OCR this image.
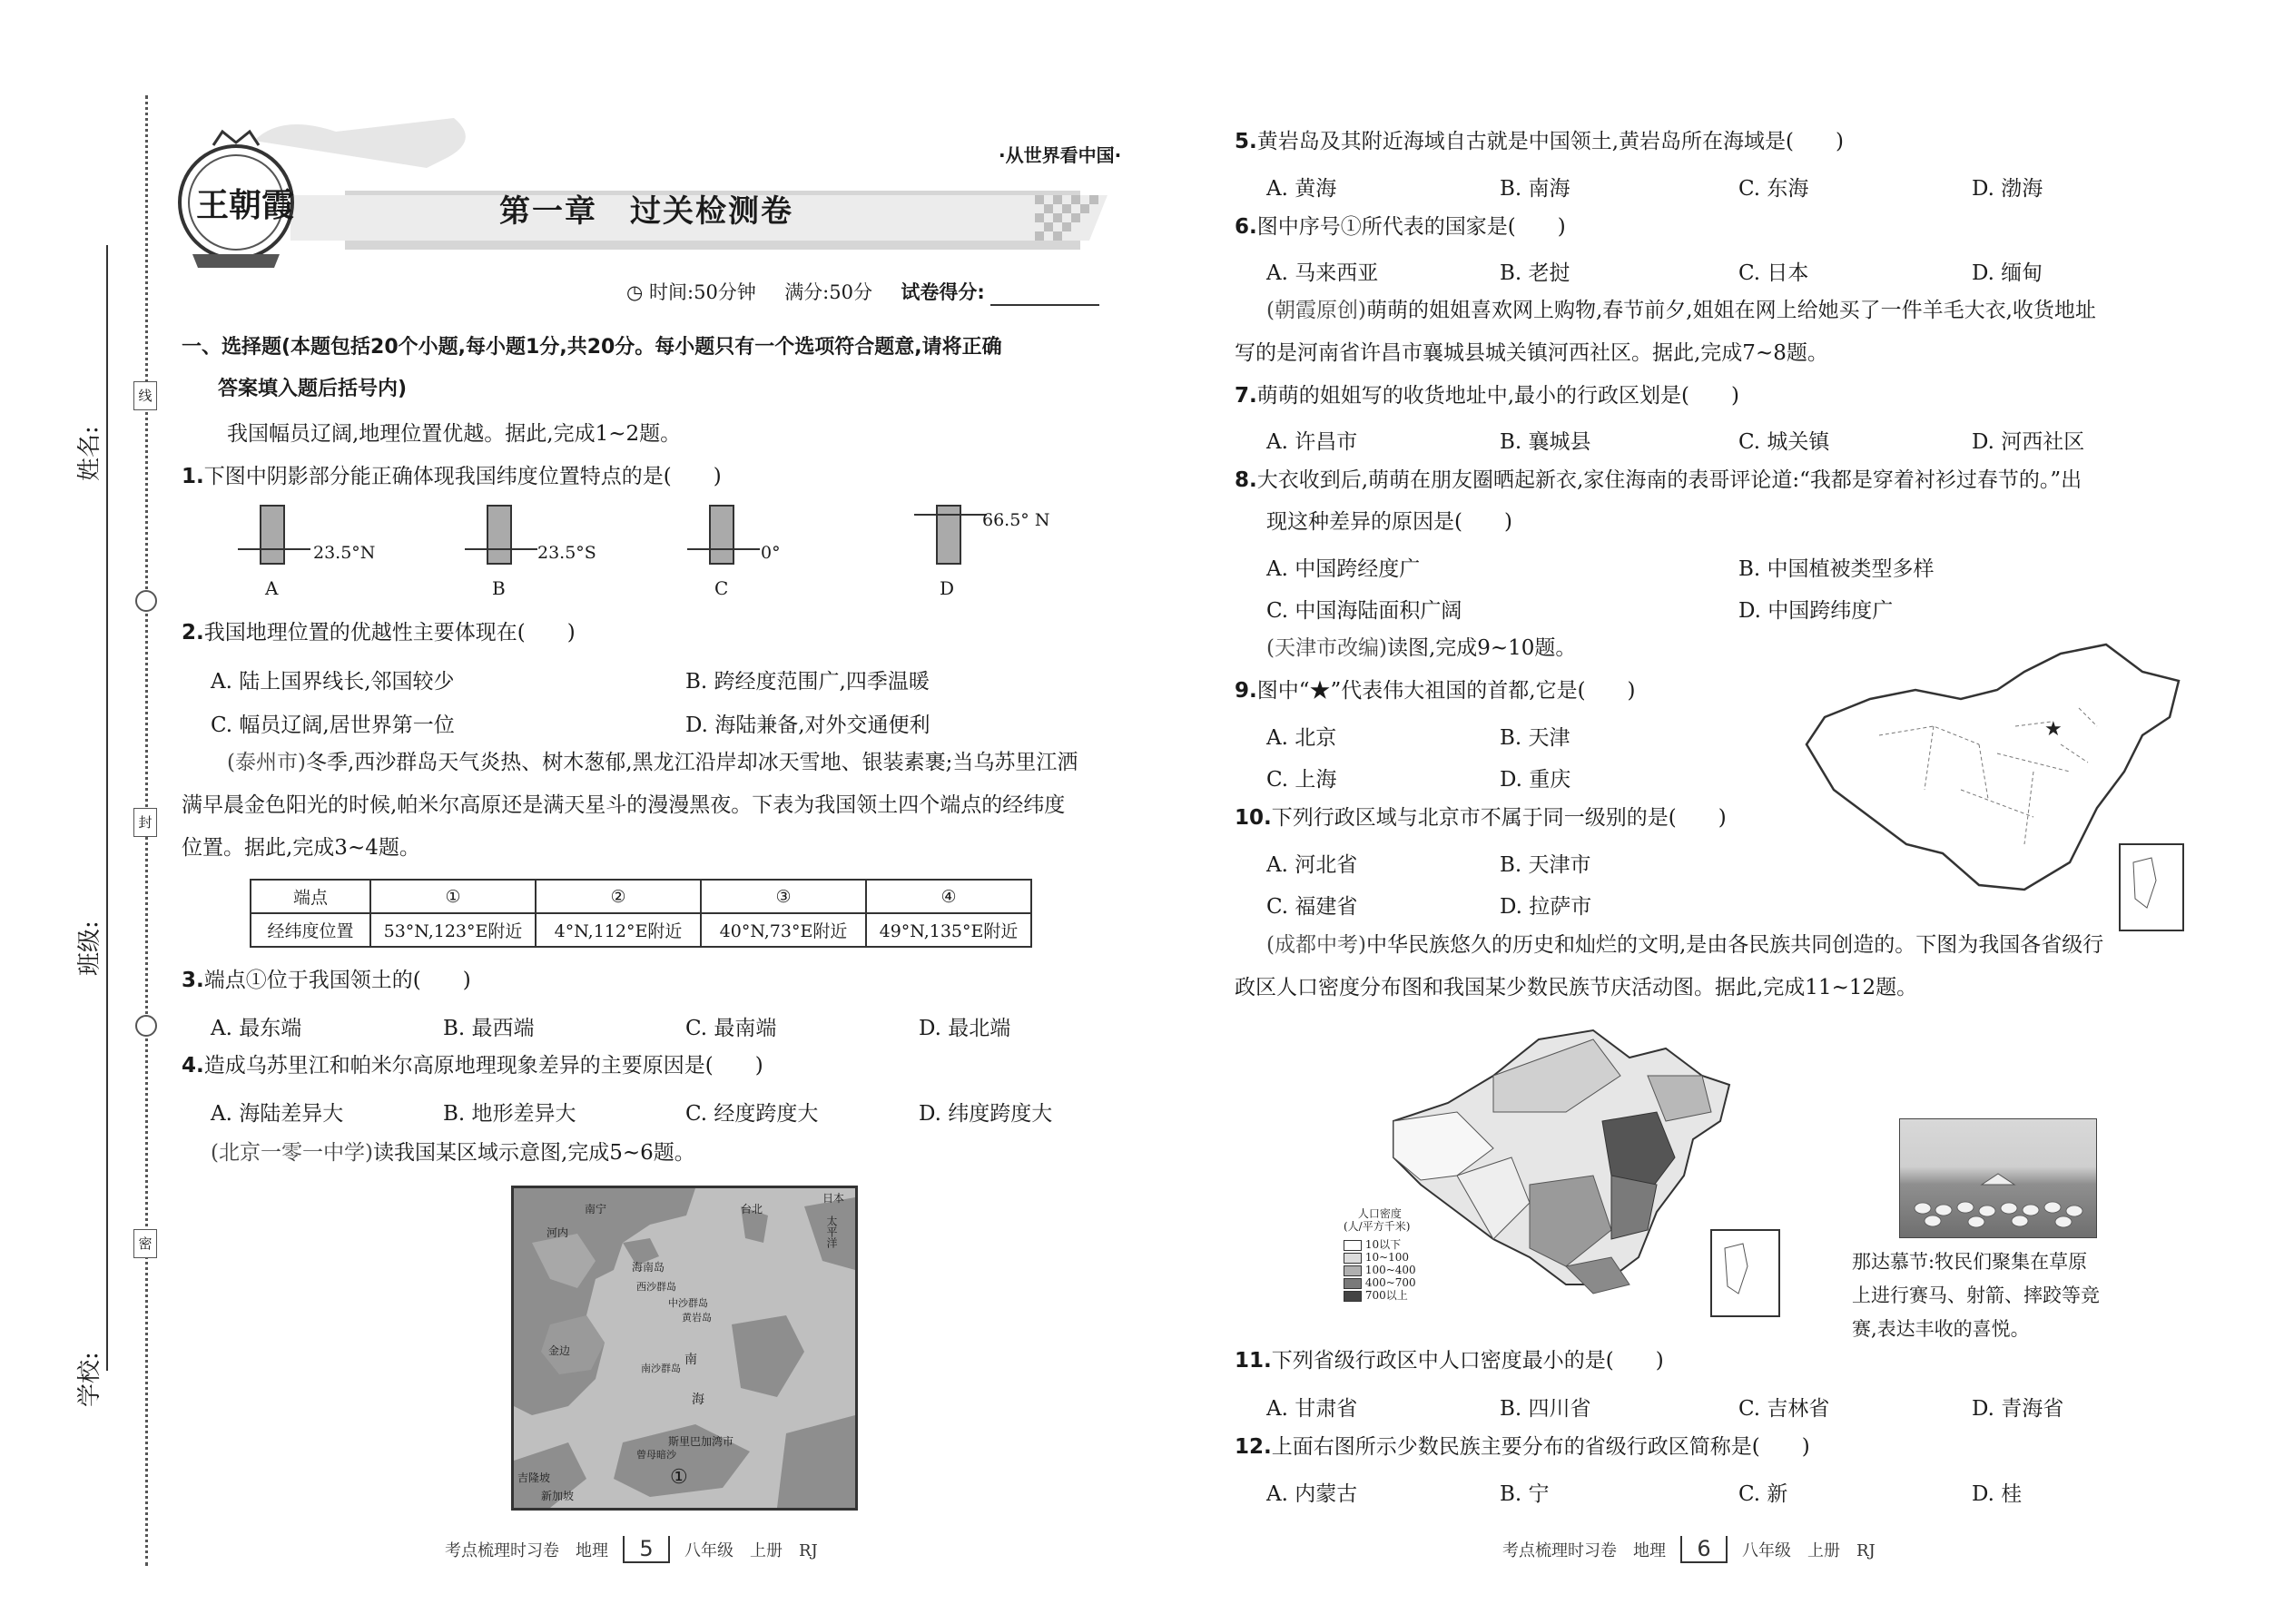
线
封
密
姓名:
班级:
学校:
王朝霞
·从世界看中国·
第一章　过关检测卷
◷ 时间:50分钟 满分:50分 试卷得分:
一、选择题(本题包括20个小题,每小题1分,共20分。每小题只有一个选项符合题意,请将正确
答案填入题后括号内)
我国幅员辽阔,地理位置优越。据此,完成1~2题。
1.下图中阴影部分能正确体现我国纬度位置特点的是(　　)
23.5°N
A
23.5°S
B
0°
C
66.5° N
D
2.我国地理位置的优越性主要体现在(　　)
A. 陆上国界线长,邻国较少	B. 跨经度范围广,四季温暖
C. 幅员辽阔,居世界第一位	D. 海陆兼备,对外交通便利
(泰州市)冬季,西沙群岛天气炎热、树木葱郁,黑龙江沿岸却冰天雪地、银装素裹;当乌苏里江洒
满早晨金色阳光的时候,帕米尔高原还是满天星斗的漫漫黑夜。下表为我国领土四个端点的经纬度
位置。据此,完成3~4题。
端点	①	②	③	④
经纬度位置	53°N,123°E附近	4°N,112°E附近	40°N,73°E附近	49°N,135°E附近
3.端点①位于我国领土的(　　)
A. 最东端	B. 最西端	C. 最南端	D. 最北端
4.造成乌苏里江和帕米尔高原地理现象差异的主要原因是(　　)
A. 海陆差异大	B. 地形差异大	C. 经度跨度大	D. 纬度跨度大
(北京一零一中学)读我国某区域示意图,完成5~6题。
南宁	台北
日本
河内
海南岛
西沙群岛
中沙群岛
黄岩岛
太平洋
金边
南沙群岛
斯里巴加湾市
曾母暗沙
吉隆坡
新加坡
①
南
海
考点梳理时习卷　地理 5 八年级　上册　RJ
5.黄岩岛及其附近海域自古就是中国领土,黄岩岛所在海域是(　　)
A. 黄海	B. 南海	C. 东海	D. 渤海
6.图中序号①所代表的国家是(　　)
A. 马来西亚	B. 老挝	C. 日本	D. 缅甸
(朝霞原创)萌萌的姐姐喜欢网上购物,春节前夕,姐姐在网上给她买了一件羊毛大衣,收货地址
写的是河南省许昌市襄城县城关镇河西社区。据此,完成7~8题。
7.萌萌的姐姐写的收货地址中,最小的行政区划是(　　)
A. 许昌市	B. 襄城县	C. 城关镇	D. 河西社区
8.大衣收到后,萌萌在朋友圈晒起新衣,家住海南的表哥评论道:“我都是穿着衬衫过春节的。”出
现这种差异的原因是(　　)
A. 中国跨经度广	B. 中国植被类型多样
C. 中国海陆面积广阔	D. 中国跨纬度广
(天津市改编)读图,完成9~10题。
9.图中“★”代表伟大祖国的首都,它是(　　)
A. 北京	B. 天津
C. 上海	D. 重庆
10.下列行政区域与北京市不属于同一级别的是(　　)
A. 河北省	B. 天津市
C. 福建省	D. 拉萨市
★
(成都中考)中华民族悠久的历史和灿烂的文明,是由各民族共同创造的。下图为我国各省级行
政区人口密度分布图和我国某少数民族节庆活动图。据此,完成11~12题。
人口密度
(人/平方千米)
10以下
10~100
100~400
400~700
700以上
那达慕节:牧民们聚集在草原
上进行赛马、射箭、摔跤等竞
赛,表达丰收的喜悦。
11.下列省级行政区中人口密度最小的是(　　)
A. 甘肃省	B. 四川省	C. 吉林省	D. 青海省
12.上面右图所示少数民族主要分布的省级行政区简称是(　　)
A. 内蒙古	B. 宁	C. 新	D. 桂
考点梳理时习卷　地理 6 八年级　上册　RJ
